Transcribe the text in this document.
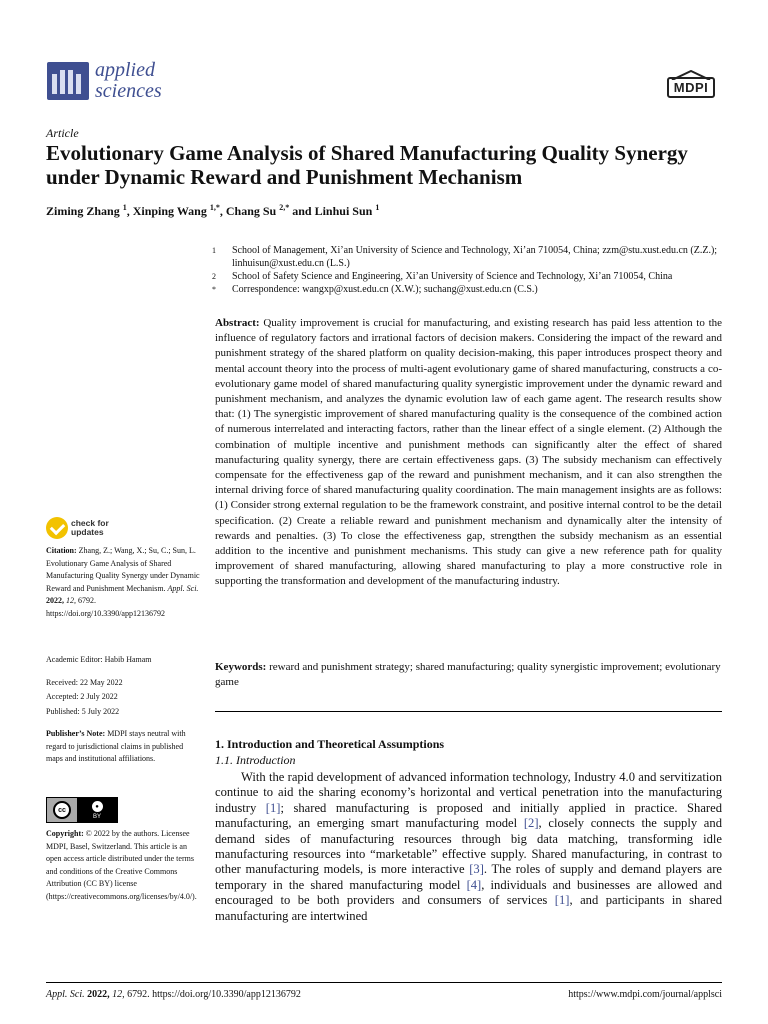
applied
sciences	MDPI
Article
Evolutionary Game Analysis of Shared Manufacturing Quality Synergy under Dynamic Reward and Punishment Mechanism
Ziming Zhang $^1$, Xinping Wang $^{1,*}$, Chang Su $^{2,*}$ and Linhui Sun $^1$
1	School of Management, Xi’an University of Science and Technology, Xi’an 710054, China; zzm@stu.xust.edu.cn (Z.Z.); linhuisun@xust.edu.cn (L.S.)
2	School of Safety Science and Engineering, Xi’an University of Science and Technology, Xi’an 710054, China
*	Correspondence: wangxp@xust.edu.cn (X.W.); suchang@xust.edu.cn (C.S.)
Abstract: Quality improvement is crucial for manufacturing, and existing research has paid less attention to the influence of regulatory factors and irrational factors of decision makers. Considering the impact of the reward and punishment strategy of the shared platform on quality decision-making, this paper introduces prospect theory and mental account theory into the process of multi-agent evolutionary game of shared manufacturing, constructs a co-evolutionary game model of shared manufacturing quality synergistic improvement under the dynamic reward and punishment mechanism, and analyzes the dynamic evolution law of each game agent. The research results show that: (1) The synergistic improvement of shared manufacturing quality is the consequence of the combined action of numerous interrelated and interacting factors, rather than the linear effect of a single element. (2) Although the combination of multiple incentive and punishment methods can significantly alter the effect of shared manufacturing quality synergy, there are certain effectiveness gaps. (3) The subsidy mechanism can effectively compensate for the effectiveness gap of the reward and punishment mechanism, and it can also strengthen the internal driving force of shared manufacturing quality coordination. The main management insights are as follows: (1) Consider strong external regulation to be the framework constraint, and positive internal control to be the detail specification. (2) Create a reliable reward and punishment mechanism and dynamically alter the intensity of rewards and penalties. (3) To close the effectiveness gap, strengthen the subsidy mechanism as an essential addition to the incentive and punishment mechanisms. This study can give a new reference path for quality improvement of shared manufacturing, allowing shared manufacturing to play a more constructive role in supporting the transformation and development of the manufacturing industry.
Keywords: reward and punishment strategy; shared manufacturing; quality synergistic improvement; evolutionary game
1. Introduction and Theoretical Assumptions
1.1. Introduction
With the rapid development of advanced information technology, Industry 4.0 and servitization continue to aid the sharing economy’s horizontal and vertical penetration into the manufacturing industry [1]; shared manufacturing is proposed and initially applied in practice. Shared manufacturing, an emerging smart manufacturing model [2], closely connects the supply and demand sides of manufacturing resources through big data matching, transforming idle manufacturing resources into “marketable” effective supply. Shared manufacturing, in contrast to other manufacturing models, is more interactive [3]. The roles of supply and demand players are temporary in the shared manufacturing model [4], individuals and businesses are allowed and encouraged to be both providers and consumers of services [1], and participants in shared manufacturing are intertwined
check for
updates
Citation: Zhang, Z.; Wang, X.; Su, C.; Sun, L. Evolutionary Game Analysis of Shared Manufacturing Quality Synergy under Dynamic Reward and Punishment Mechanism. Appl. Sci. 2022, 12, 6792. https://doi.org/10.3390/app12136792
Academic Editor: Habib Hamam
Received: 22 May 2022
Accepted: 2 July 2022
Published: 5 July 2022
Publisher’s Note: MDPI stays neutral with regard to jurisdictional claims in published maps and institutional affiliations.
cc	●
BY
Copyright: © 2022 by the authors. Licensee MDPI, Basel, Switzerland. This article is an open access article distributed under the terms and conditions of the Creative Commons Attribution (CC BY) license (https://creativecommons.org/licenses/by/4.0/).
Appl. Sci. 2022, 12, 6792. https://doi.org/10.3390/app12136792	https://www.mdpi.com/journal/applsci
